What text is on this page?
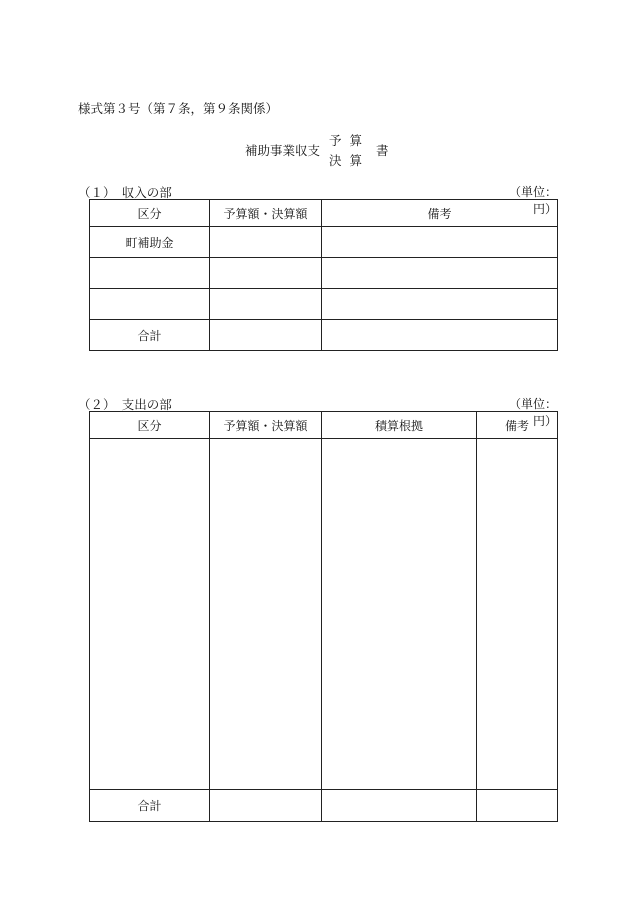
様式第３号（第７条，第９条関係）
補助事業収支
予算
決算
書
（１）　収入の部	（単位：円）
区分	予算額・決算額	備考
町補助金		

合計		
（２）　支出の部	（単位：円）
区分	予算額・決算額	積算根拠	備考

合計			
